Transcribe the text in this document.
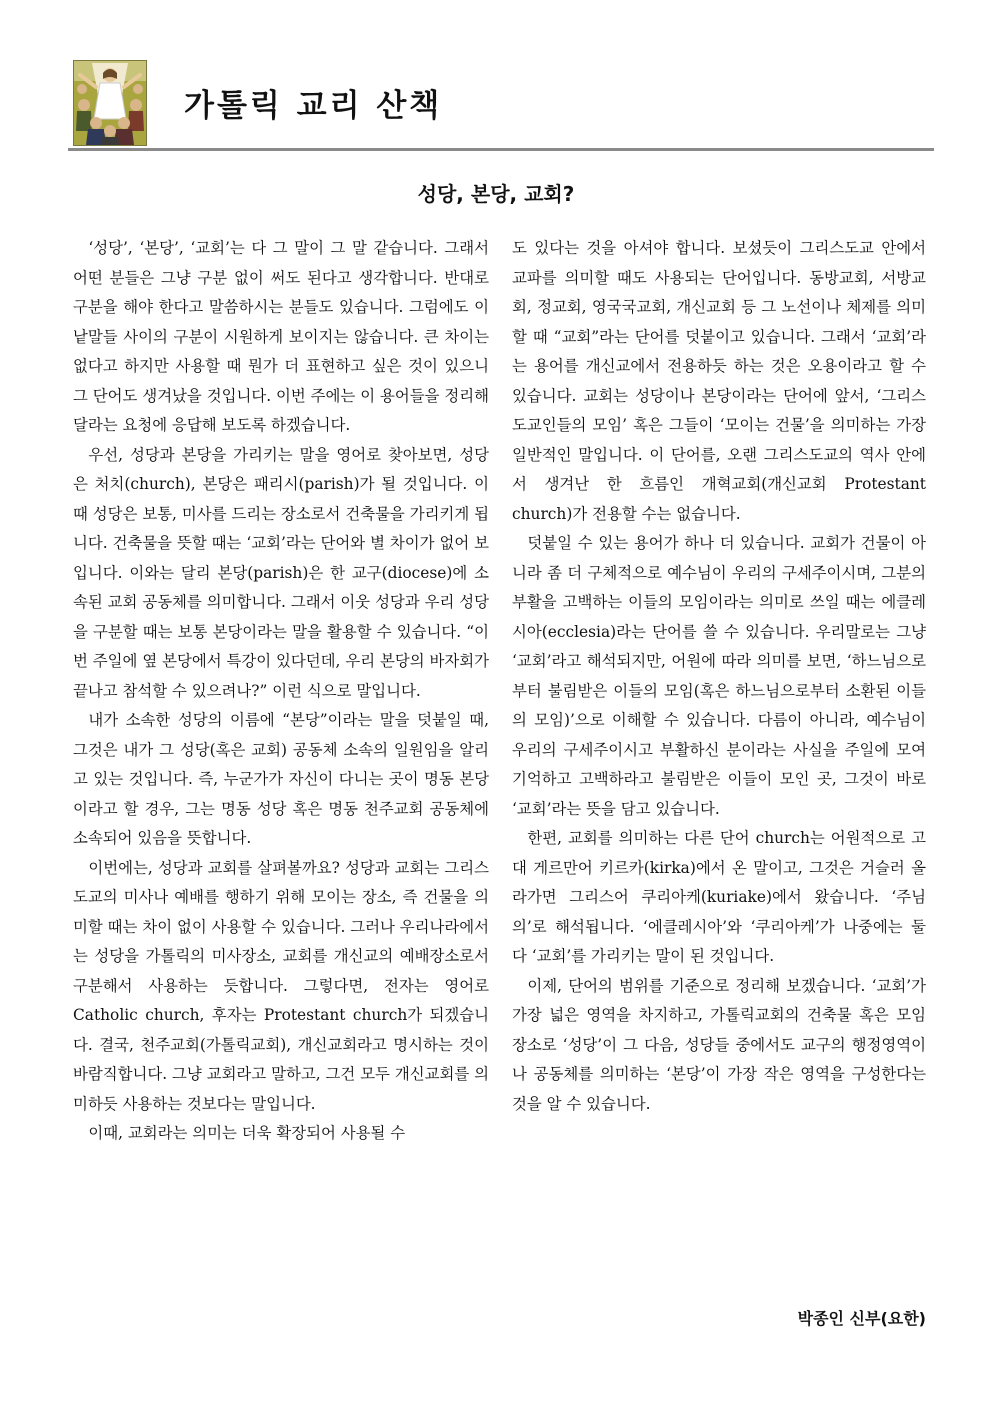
가톨릭 교리 산책
성당, 본당, 교회?

‘성당’, ‘본당’, ‘교회’는 다 그 말이 그 말 같습니다. 그래서 어떤 분들은 그냥 구분 없이 써도 된다고 생각합니다. 반대로 구분을 해야 한다고 말씀하시는 분들도 있습니다. 그럼에도 이 낱말들 사이의 구분이 시원하게 보이지는 않습니다. 큰 차이는 없다고 하지만 사용할 때 뭔가 더 표현하고 싶은 것이 있으니 그 단어도 생겨났을 것입니다. 이번 주에는 이 용어들을 정리해 달라는 요청에 응답해 보도록 하겠습니다.

우선, 성당과 본당을 가리키는 말을 영어로 찾아보면, 성당은 처치(church), 본당은 패리시(parish)가 될 것입니다. 이때 성당은 보통, 미사를 드리는 장소로서 건축물을 가리키게 됩니다. 건축물을 뜻할 때는 ‘교회’라는 단어와 별 차이가 없어 보입니다. 이와는 달리 본당(parish)은 한 교구(diocese)에 소속된 교회 공동체를 의미합니다. 그래서 이웃 성당과 우리 성당을 구분할 때는 보통 본당이라는 말을 활용할 수 있습니다. “이번 주일에 옆 본당에서 특강이 있다던데, 우리 본당의 바자회가 끝나고 참석할 수 있으려나?” 이런 식으로 말입니다.

내가 소속한 성당의 이름에 “본당”이라는 말을 덧붙일 때, 그것은 내가 그 성당(혹은 교회) 공동체 소속의 일원임을 알리고 있는 것입니다. 즉, 누군가가 자신이 다니는 곳이 명동 본당이라고 할 경우, 그는 명동 성당 혹은 명동 천주교회 공동체에 소속되어 있음을 뜻합니다.

이번에는, 성당과 교회를 살펴볼까요? 성당과 교회는 그리스도교의 미사나 예배를 행하기 위해 모이는 장소, 즉 건물을 의미할 때는 차이 없이 사용할 수 있습니다. 그러나 우리나라에서는 성당을 가톨릭의 미사장소, 교회를 개신교의 예배장소로서 구분해서 사용하는 듯합니다. 그렇다면, 전자는 영어로 Catholic church, 후자는 Protestant church가 되겠습니다. 결국, 천주교회(가톨릭교회), 개신교회라고 명시하는 것이 바람직합니다. 그냥 교회라고 말하고, 그건 모두 개신교회를 의미하듯 사용하는 것보다는 말입니다.

이때, 교회라는 의미는 더욱 확장되어 사용될 수

도 있다는 것을 아셔야 합니다. 보셨듯이 그리스도교 안에서 교파를 의미할 때도 사용되는 단어입니다. 동방교회, 서방교회, 정교회, 영국국교회, 개신교회 등 그 노선이나 체제를 의미할 때 “교회”라는 단어를 덧붙이고 있습니다. 그래서 ‘교회’라는 용어를 개신교에서 전용하듯 하는 것은 오용이라고 할 수 있습니다. 교회는 성당이나 본당이라는 단어에 앞서, ‘그리스도교인들의 모임’ 혹은 그들이 ‘모이는 건물’을 의미하는 가장 일반적인 말입니다. 이 단어를, 오랜 그리스도교의 역사 안에서 생겨난 한 흐름인 개혁교회(개신교회 Protestant church)가 전용할 수는 없습니다.

덧붙일 수 있는 용어가 하나 더 있습니다. 교회가 건물이 아니라 좀 더 구체적으로 예수님이 우리의 구세주이시며, 그분의 부활을 고백하는 이들의 모임이라는 의미로 쓰일 때는 에클레시아(ecclesia)라는 단어를 쓸 수 있습니다. 우리말로는 그냥 ‘교회’라고 해석되지만, 어원에 따라 의미를 보면, ‘하느님으로부터 불림받은 이들의 모임(혹은 하느님으로부터 소환된 이들의 모임)’으로 이해할 수 있습니다. 다름이 아니라, 예수님이 우리의 구세주이시고 부활하신 분이라는 사실을 주일에 모여 기억하고 고백하라고 불림받은 이들이 모인 곳, 그것이 바로 ‘교회’라는 뜻을 담고 있습니다.

한편, 교회를 의미하는 다른 단어 church는 어원적으로 고대 게르만어 키르카(kirka)에서 온 말이고, 그것은 거슬러 올라가면 그리스어 쿠리아케(kuriake)에서 왔습니다. ‘주님의’로 해석됩니다. ‘에클레시아’와 ‘쿠리아케’가 나중에는 둘 다 ‘교회’를 가리키는 말이 된 것입니다.

이제, 단어의 범위를 기준으로 정리해 보겠습니다. ‘교회’가 가장 넓은 영역을 차지하고, 가톨릭교회의 건축물 혹은 모임 장소로 ‘성당’이 그 다음, 성당들 중에서도 교구의 행정영역이나 공동체를 의미하는 ‘본당’이 가장 작은 영역을 구성한다는 것을 알 수 있습니다.

박종인 신부(요한)
